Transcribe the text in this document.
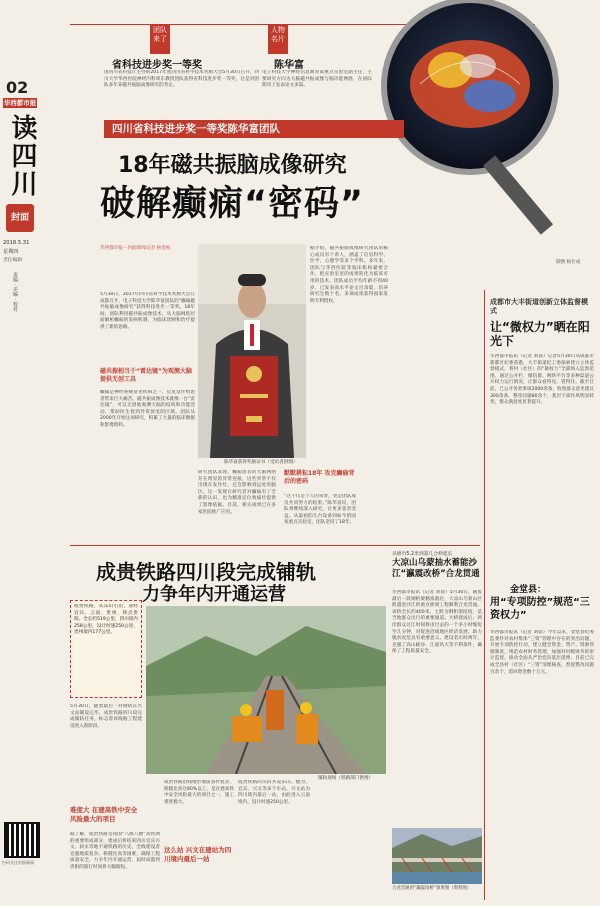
02
华西都市报
读四川
封面
2018.5.31
星期四
责任编辑
责编 · 美编 · 校对
扫码关注封面新闻
团队来了
省科技进步奖一等奖
由四川省科技厅主办的2017年度四川省科学技术奖励大会5月30日召开，四川大学华西医院神经内科周东教授团队获得省科技进步奖一等奖，这是对团队多年来磁共振脑成像研究的肯定。
人物名片
陈华富
电子科技大学神经信息教育部重点实验室副主任，主要研究方向为大脑磁共振成像与脑功能网络，在国际期刊上发表论文多篇。
制图 杨仕成
四川省科技进步奖一等奖陈华富团队
18年磁共振脑成像研究
破解癫痫“密码”
华西都市报－封面新闻记者 杨金祝
5月30日，2017年四川省科学技术奖励大会在成都召开，电子科技大学陈华富团队的“癫痫磁共振脑成像研究”获得科技进步一等奖。18年间，团队利用磁共振成像技术，从大脑网络层面解析癫痫的发病机制，为临床诊断和治疗提供了新的思路。
磁共振相当于“雷达镜”为观测大脑提供无创工具
癫痫是神经系统常见疾病之一，反复发作给患者带来巨大痛苦。磁共振成像技术就像一台“雷达镜”，可以无创地观测大脑的结构和功能活动，帮助医生找到异常放电的区域。团队从2000年开始这项研究，积累了大量的临床数据和影像资料。
陈华富获得奖励证书（受访者供图）
研究团队发现，癫痫患者的大脑网络存在明显的异常连接，这些异常不仅出现在发作灶，还会影响到远处的脑区。这一发现让研究者对癫痫有了全新的认识，也为精准定位致痫灶提供了影像依据。目前，相关成果已在多家医院推广应用。
默默耕耘18年 攻克癫痫背后的密码
“这不仅是个人的荣誉，更是团队成员共同努力的结果。”陈华富说，团队将继续深入研究，让更多患者受益。从最初的几台设备到如今的国家重点实验室，团队坚持了18年。
据介绍，磁共振脑成像研究团队的核心成员有十余人，涵盖了信息科学、医学、心理学等多个学科。多年来，团队与华西医院等临床机构紧密合作，把实验室里的成果转化为临床可用的技术。团队成员平均年龄不到40岁，已发表高水平论文百余篇，培养研究生数十名，多项成果获得国家发明专利授权。	成都市大丰街道创新立体监督模式
让“微权力”晒在阳光下
华西都市报讯（记者 刘嵚）记者5月30日从成都市新都区纪委获悉，大丰街道纪工委探索建立立体监督模式，将村（社区）的“微权力”全部纳入监督范围，通过公开栏、微信群、网络平台等多种渠道公开权力运行情况，让群众看得见、管得住。截至目前，已公开各类事项2000余条，收集群众意见建议300余条，整改问题80余个，基层干部作风明显转变，群众满意度显著提升。
金堂县：
用“专项防控”规范“三资权力”
华西都市报讯（记者 刘嵚）今年以来，金堂县纪委监委针对农村集体“三资”管理中存在的突出问题，开展专项防控行动，建立健全资金、资产、资源管理制度，规范农村财务管理，加强对村级财务的审计监督，推动全面从严治党向基层延伸。目前已完成全县村（社区）“三资”清理核查，督促整改问题百余个，追回资金数十万元。
成贵铁路四川段完成铺轨
力争年内开通运营
成贵铁路，从乐山引出，途经宜宾、云南、贵州，终点贵阳。全长约519公里，四川境内258公里，设计时速250公里，贵州境内177公里。
铺轨现场（铁路部门供图）
5月30日，随着最后一对钢轨在兴文站铺设完毕，成贵铁路四川段完成铺轨任务，标志着该线路工程建设进入新阶段。
难度大 在建高铁中安全风险最大的项目
据了解，成贵铁路是我国“八纵八横”高铁网的重要组成部分，建成后将结束四川宜宾兴文、叙永等地不通铁路的历史。全线建设者克服地质复杂、桥隧比高等困难，确保工程质量安全，力争年内开通运营，届时成都到贵阳的旅行时间将大幅缩短。
成贵铁路沿线地形地质条件复杂，桥隧比高达80%以上，是在建高铁中安全风险最大的项目之一，施工难度极大。
这么站 兴文在建站为四川境内最后一站
成贵铁路四川段共设乐山、犍为、宜宾、兴文等多个车站，兴文站为四川境内最后一站，由此进入云南境内，设计时速250公里。
从绵竹5.2米到第几合伸延长
大凉山乌蒙抽水蓄能沙江“瀛震改桥”合龙贯通
华西都市报讯（记者 刘嵚）5月30日，随着最后一段钢桁梁精准就位，大凉山乌蒙山区跨越金沙江的重点桥梁工程顺利合龙贯通。该桥全长约400米，主跨为钢桁架结构，是当地群众出行的重要通道。大桥建成后，两岸群众过江时间将由过去的一个多小时缩短至几分钟，对促进沿线地区经济发展、助力脱贫攻坚具有重要意义。建设者历时两年，克服了高山峡谷、江面风大等不利条件，确保了工程质量安全。
合龙贯通的“瀛震改桥”效果图（资料图）
